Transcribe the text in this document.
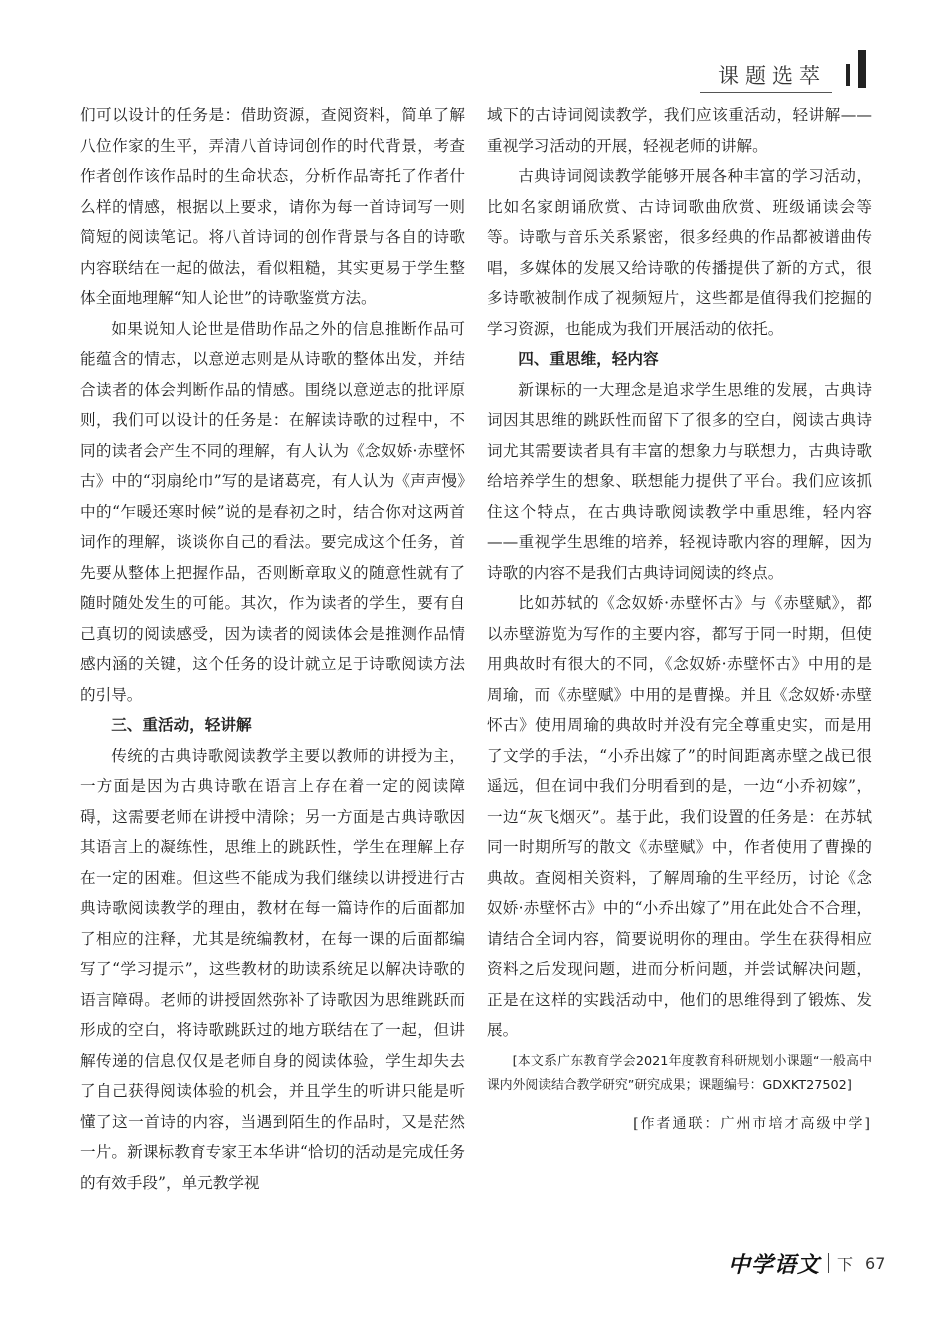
课题选萃

们可以设计的任务是：借助资源，查阅资料，简单了解八位作家的生平，弄清八首诗词创作的时代背景，考查作者创作该作品时的生命状态，分析作品寄托了作者什么样的情感，根据以上要求，请你为每一首诗词写一则简短的阅读笔记。将八首诗词的创作背景与各自的诗歌内容联结在一起的做法，看似粗糙，其实更易于学生整体全面地理解“知人论世”的诗歌鉴赏方法。

如果说知人论世是借助作品之外的信息推断作品可能蕴含的情志，以意逆志则是从诗歌的整体出发，并结合读者的体会判断作品的情感。围绕以意逆志的批评原则，我们可以设计的任务是：在解读诗歌的过程中，不同的读者会产生不同的理解，有人认为《念奴娇·赤壁怀古》中的“羽扇纶巾”写的是诸葛亮，有人认为《声声慢》中的“乍暖还寒时候”说的是春初之时，结合你对这两首词作的理解，谈谈你自己的看法。要完成这个任务，首先要从整体上把握作品，否则断章取义的随意性就有了随时随处发生的可能。其次，作为读者的学生，要有自己真切的阅读感受，因为读者的阅读体会是推测作品情感内涵的关键，这个任务的设计就立足于诗歌阅读方法的引导。

三、重活动，轻讲解

传统的古典诗歌阅读教学主要以教师的讲授为主，一方面是因为古典诗歌在语言上存在着一定的阅读障碍，这需要老师在讲授中清除；另一方面是古典诗歌因其语言上的凝练性，思维上的跳跃性，学生在理解上存在一定的困难。但这些不能成为我们继续以讲授进行古典诗歌阅读教学的理由，教材在每一篇诗作的后面都加了相应的注释，尤其是统编教材，在每一课的后面都编写了“学习提示”，这些教材的助读系统足以解决诗歌的语言障碍。老师的讲授固然弥补了诗歌因为思维跳跃而形成的空白，将诗歌跳跃过的地方联结在了一起，但讲解传递的信息仅仅是老师自身的阅读体验，学生却失去了自己获得阅读体验的机会，并且学生的听讲只能是听懂了这一首诗的内容，当遇到陌生的作品时，又是茫然一片。新课标教育专家王本华讲“恰切的活动是完成任务的有效手段”，单元教学视

域下的古诗词阅读教学，我们应该重活动，轻讲解——重视学习活动的开展，轻视老师的讲解。

古典诗词阅读教学能够开展各种丰富的学习活动，比如名家朗诵欣赏、古诗词歌曲欣赏、班级诵读会等等。诗歌与音乐关系紧密，很多经典的作品都被谱曲传唱，多媒体的发展又给诗歌的传播提供了新的方式，很多诗歌被制作成了视频短片，这些都是值得我们挖掘的学习资源，也能成为我们开展活动的依托。

四、重思维，轻内容

新课标的一大理念是追求学生思维的发展，古典诗词因其思维的跳跃性而留下了很多的空白，阅读古典诗词尤其需要读者具有丰富的想象力与联想力，古典诗歌给培养学生的想象、联想能力提供了平台。我们应该抓住这个特点，在古典诗歌阅读教学中重思维，轻内容——重视学生思维的培养，轻视诗歌内容的理解，因为诗歌的内容不是我们古典诗词阅读的终点。

比如苏轼的《念奴娇·赤壁怀古》与《赤壁赋》，都以赤壁游览为写作的主要内容，都写于同一时期，但使用典故时有很大的不同，《念奴娇·赤壁怀古》中用的是周瑜，而《赤壁赋》中用的是曹操。并且《念奴娇·赤壁怀古》使用周瑜的典故时并没有完全尊重史实，而是用了文学的手法，“小乔出嫁了”的时间距离赤壁之战已很遥远，但在词中我们分明看到的是，一边“小乔初嫁”，一边“灰飞烟灭”。基于此，我们设置的任务是：在苏轼同一时期所写的散文《赤壁赋》中，作者使用了曹操的典故。查阅相关资料，了解周瑜的生平经历，讨论《念奴娇·赤壁怀古》中的“小乔出嫁了”用在此处合不合理，请结合全词内容，简要说明你的理由。学生在获得相应资料之后发现问题，进而分析问题，并尝试解决问题，正是在这样的实践活动中，他们的思维得到了锻炼、发展。

[本文系广东教育学会2021年度教育科研规划小课题“一般高中课内外阅读结合教学研究”研究成果；课题编号：GDXKT27502]

[作者通联：广州市培才高级中学]

中学语文 下 67
